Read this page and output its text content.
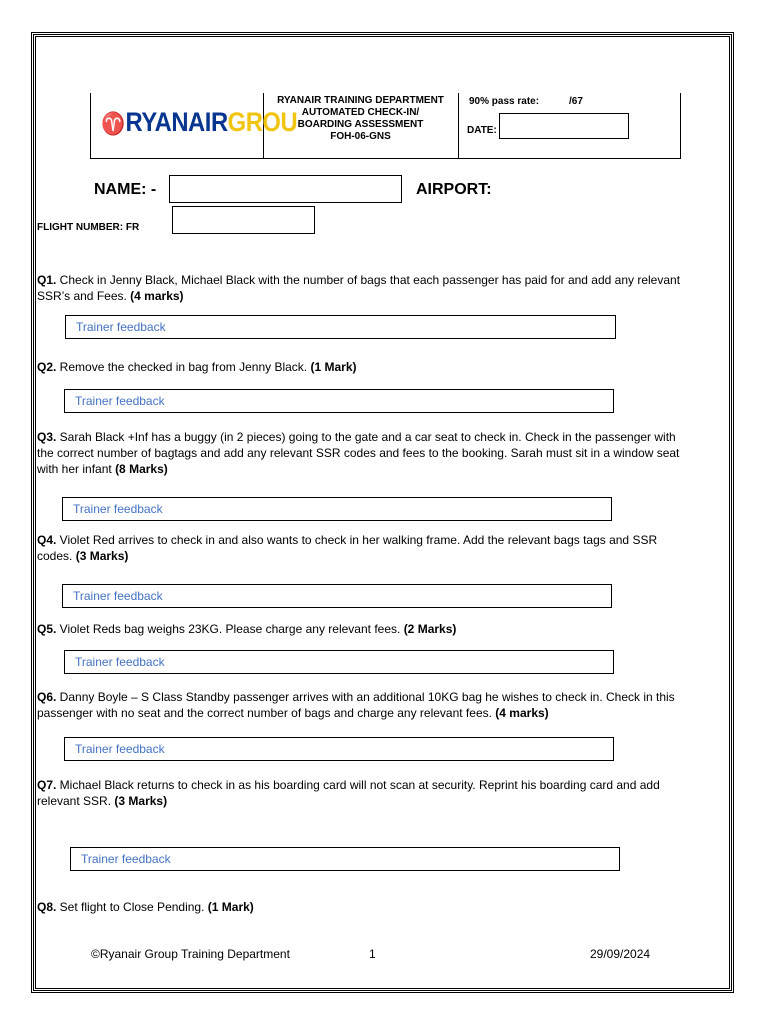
♈RYANAIRGROU
RYANAIR TRAINING DEPARTMENT
AUTOMATED CHECK-IN/
BOARDING ASSESSMENT
FOH-06-GNS
90% pass rate:	/67
DATE:
NAME: -	AIRPORT:
FLIGHT NUMBER: FR
Q1. Check in Jenny Black, Michael Black with the number of bags that each passenger has paid for and add any relevant SSR’s and Fees. (4 marks)
Trainer feedback
Q2. Remove the checked in bag from Jenny Black. (1 Mark)
Trainer feedback
Q3. Sarah Black +Inf has a buggy (in 2 pieces) going to the gate and a car seat to check in. Check in the passenger with the correct number of bagtags and add any relevant SSR codes and fees to the booking. Sarah must sit in a window seat with her infant (8 Marks)
Trainer feedback
Q4. Violet Red arrives to check in and also wants to check in her walking frame. Add the relevant bags tags and SSR codes. (3 Marks)
Trainer feedback
Q5. Violet Reds bag weighs 23KG. Please charge any relevant fees. (2 Marks)
Trainer feedback
Q6. Danny Boyle – S Class Standby passenger arrives with an additional 10KG bag he wishes to check in. Check in this passenger with no seat and the correct number of bags and charge any relevant fees. (4 marks)
Trainer feedback
Q7. Michael Black returns to check in as his boarding card will not scan at security. Reprint his boarding card and add relevant SSR. (3 Marks)
Trainer feedback
Q8. Set flight to Close Pending. (1 Mark)
©Ryanair Group Training Department	1	29/09/2024
